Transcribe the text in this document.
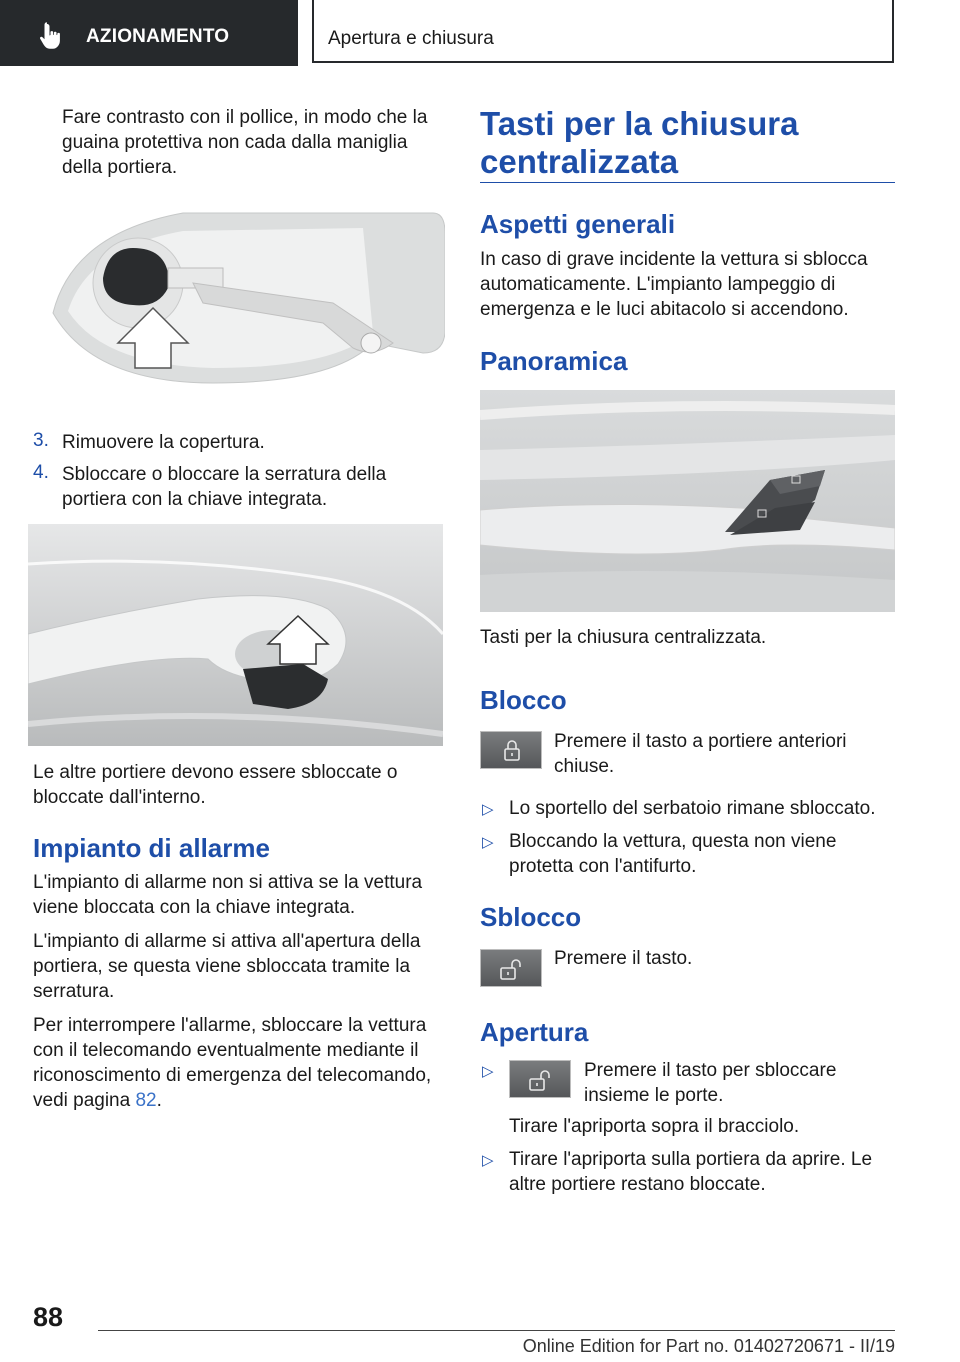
AZIONAMENTO	Apertura e chiusura

Fare contrasto con il pollice, in modo che la guaina protettiva non cada dalla maniglia della portiera.

3. Rimuovere la copertura.

4. Sbloccare o bloccare la serratura della portiera con la chiave integrata.

Le altre portiere devono essere sbloccate o bloccate dall'interno.

Impianto di allarme

L'impianto di allarme non si attiva se la vettura viene bloccata con la chiave integrata.

L'impianto di allarme si attiva all'apertura della portiera, se questa viene sbloccata tramite la serratura.

Per interrompere l'allarme, sbloccare la vettura con il telecomando eventualmente mediante il riconoscimento di emergenza del telecomando, vedi pagina 82.

Tasti per la chiusura centralizzata
Aspetti generali

In caso di grave incidente la vettura si sblocca automaticamente. L'impianto lampeggio di emergenza e le luci abitacolo si accendono.

Panoramica

Tasti per la chiusura centralizzata.

Blocco

Premere il tasto a portiere anteriori chiuse.

▷ Lo sportello del serbatoio rimane sbloccato.

▷ Bloccando la vettura, questa non viene protetta con l'antifurto.

Sblocco

Premere il tasto.

Apertura
▷	Premere il tasto per sbloccare insieme le porte.

Tirare l'apriporta sopra il bracciolo.

▷ Tirare l'apriporta sulla portiera da aprire. Le altre portiere restano bloccate.

88
Online Edition for Part no. 01402720671 - II/19
